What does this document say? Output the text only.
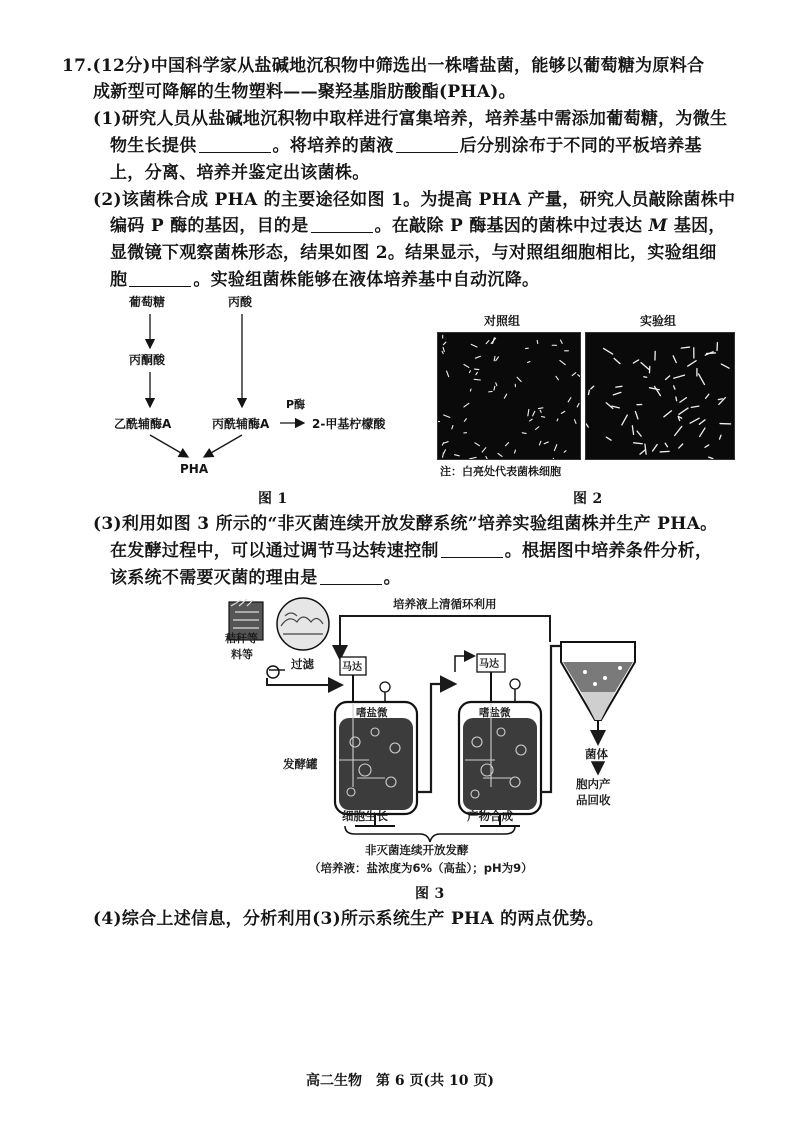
17.(12分)中国科学家从盐碱地沉积物中筛选出一株嗜盐菌，能够以葡萄糖为原料合
成新型可降解的生物塑料——聚羟基脂肪酸酯(PHA)。
(1)研究人员从盐碱地沉积物中取样进行富集培养，培养基中需添加葡萄糖，为微生
物生长提供	。将培养的菌液	后分别涂布于不同的平板培养基
上，分离、培养并鉴定出该菌株。
(2)该菌株合成 PHA 的主要途径如图 1。为提高 PHA 产量，研究人员敲除菌株中
编码 P 酶的基因，目的是	。在敲除 P 酶基因的菌株中过表达 M 基因，
显微镜下观察菌株形态，结果如图 2。结果显示，与对照组细胞相比，实验组细
胞	。实验组菌株能够在液体培养基中自动沉降。
葡萄糖	丙酸
丙酮酸
P酶
乙酰辅酶A	丙酰辅酶A	2-甲基柠檬酸
PHA
图 1
对照组	实验组
注：白亮处代表菌株细胞
图 2
(3)利用如图 3 所示的“非灭菌连续开放发酵系统”培养实验组菌株并生产 PHA。
在发酵过程中，可以通过调节马达转速控制	。根据图中培养条件分析，
该系统不需要灭菌的理由是	。
培养液上清循环利用
秸秆等
料等
过滤	马达
嗜盐微
发酵罐
马达
嗜盐微
菌体
胞内产
品回收
细胞生长	产物合成
非灭菌连续开放发酵
（培养液：盐浓度为6%（高盐）；pH为9）
图 3
(4)综合上述信息，分析利用(3)所示系统生产 PHA 的两点优势。
高二生物　第 6 页(共 10 页)
